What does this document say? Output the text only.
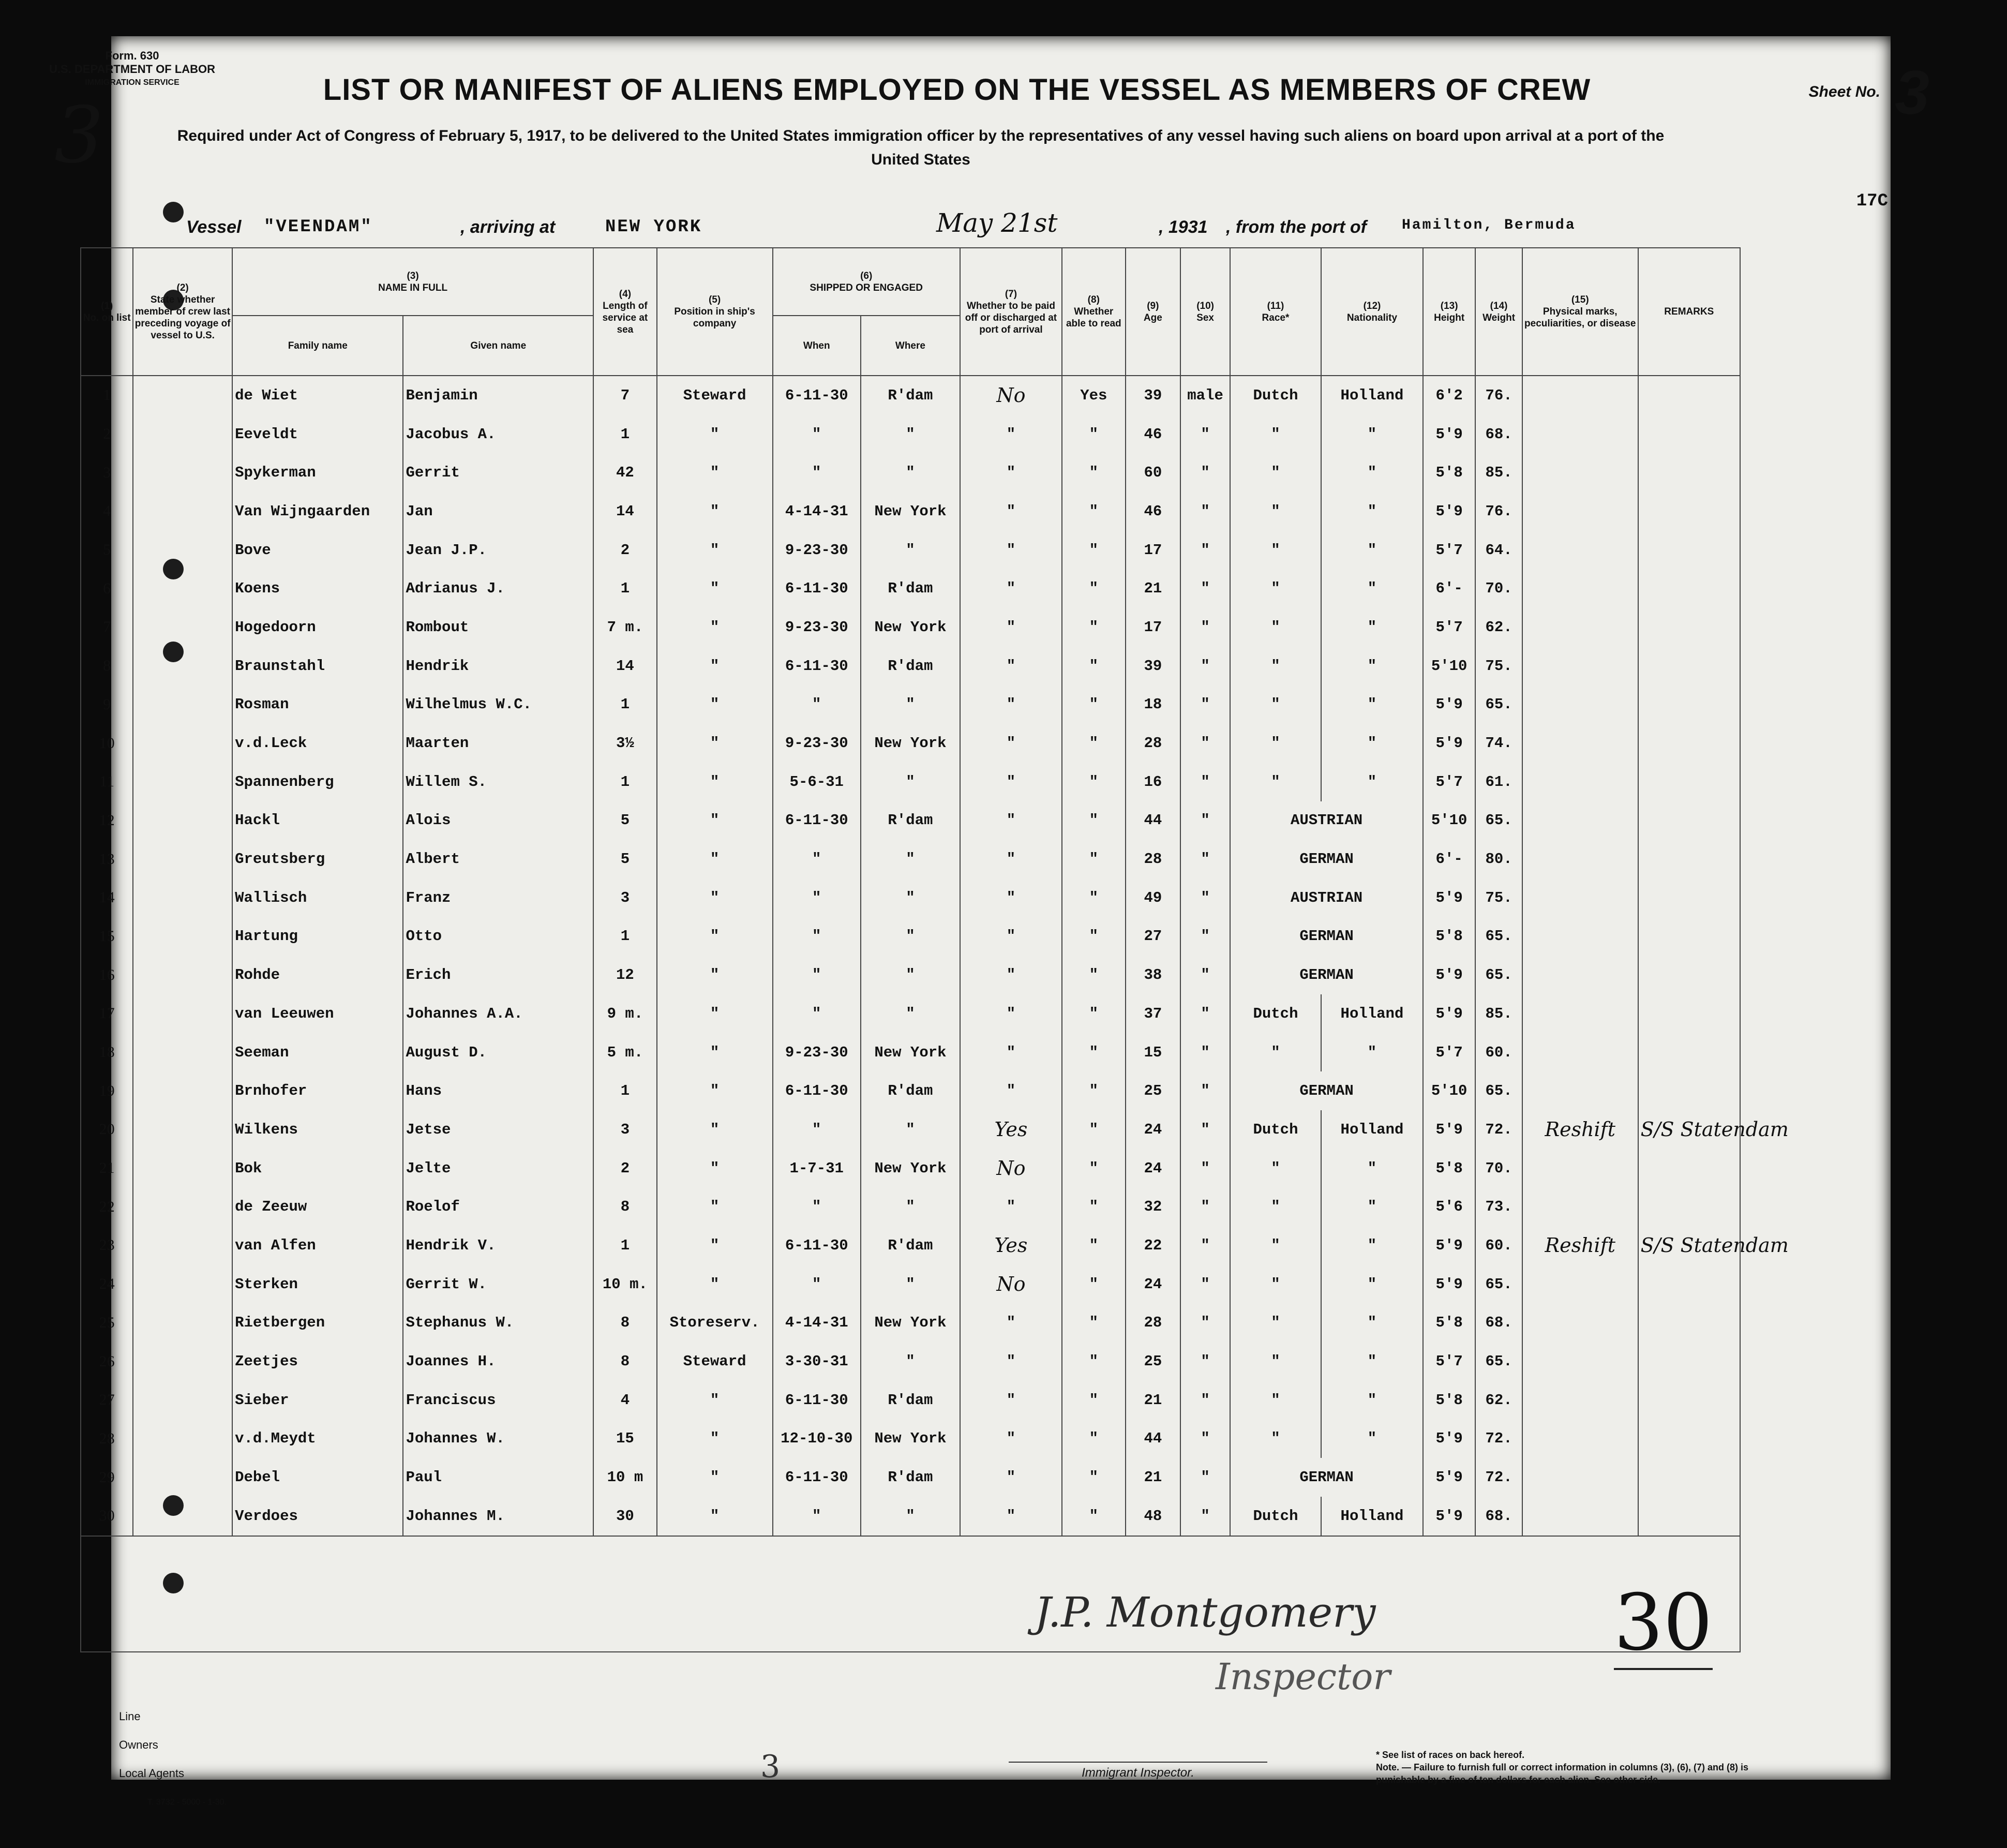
Form. 630
U.S. DEPARTMENT OF LABOR
IMMIGRATION SERVICE
3
LIST OR MANIFEST OF ALIENS EMPLOYED ON THE VESSEL AS MEMBERS OF CREW
Required under Act of Congress of February 5, 1917, to be delivered to the United States immigration officer by the representatives of any vessel having such aliens on board upon arrival at a port of the United States
Sheet No. 3
17C
Vessel "VEENDAM"	, arriving at	NEW YORK	May 21st	, 1931 , from the port of Hamilton, Bermuda
(1)
No. on list	(2)
State whether member of crew last preceding voyage of vessel to U.S.	(3)
NAME IN FULL		(4)
Length of service at sea	(5)
Position in ship's company	(6)
SHIPPED OR ENGAGED		(7)
Whether to be paid off or discharged at port of arrival	(8)
Whether able to read	(9)
Age	(10)
Sex	(11)
Race*	(12)
Nationality	(13)
Height	(14)
Weight	(15)
Physical marks, peculiarities, or disease	REMARKS
		Family name	Given name			When	Where										
1		de Wiet	Benjamin	7	Steward	6-11-30	R'dam	No	Yes	39	male	Dutch	Holland	6'2	76.		
2		Eeveldt	Jacobus A.	1	"	"	"	"	"	46	"	"	"	5'9	68.		
3		Spykerman	Gerrit	42	"	"	"	"	"	60	"	"	"	5'8	85.		
4		Van Wijngaarden	Jan	14	"	4-14-31	New York	"	"	46	"	"	"	5'9	76.		
5		Bove	Jean J.P.	2	"	9-23-30	"	"	"	17	"	"	"	5'7	64.		
6		Koens	Adrianus J.	1	"	6-11-30	R'dam	"	"	21	"	"	"	6'-	70.		
7		Hogedoorn	Rombout	7 m.	"	9-23-30	New York	"	"	17	"	"	"	5'7	62.		
8		Braunstahl	Hendrik	14	"	6-11-30	R'dam	"	"	39	"	"	"	5'10	75.		
9		Rosman	Wilhelmus W.C.	1	"	"	"	"	"	18	"	"	"	5'9	65.		
10		v.d.Leck	Maarten	3½	"	9-23-30	New York	"	"	28	"	"	"	5'9	74.		
11		Spannenberg	Willem S.	1	"	5-6-31	"	"	"	16	"	"	"	5'7	61.		
12		Hackl	Alois	5	"	6-11-30	R'dam	"	"	44	"	AUSTRIAN		5'10	65.		
13		Greutsberg	Albert	5	"	"	"	"	"	28	"	GERMAN		6'-	80.		
14		Wallisch	Franz	3	"	"	"	"	"	49	"	AUSTRIAN		5'9	75.		
15		Hartung	Otto	1	"	"	"	"	"	27	"	GERMAN		5'8	65.		
16		Rohde	Erich	12	"	"	"	"	"	38	"	GERMAN		5'9	65.		
17		van Leeuwen	Johannes A.A.	9 m.	"	"	"	"	"	37	"	Dutch	Holland	5'9	85.		
18		Seeman	August D.	5 m.	"	9-23-30	New York	"	"	15	"	"	"	5'7	60.		
19		Brnhofer	Hans	1	"	6-11-30	R'dam	"	"	25	"	GERMAN		5'10	65.		
20		Wilkens	Jetse	3	"	"	"	Yes	"	24	"	Dutch	Holland	5'9	72.	Reshift	S/S Statendam
21		Bok	Jelte	2	"	1-7-31	New York	No	"	24	"	"	"	5'8	70.		
22		de Zeeuw	Roelof	8	"	"	"	"	"	32	"	"	"	5'6	73.		
23		van Alfen	Hendrik V.	1	"	6-11-30	R'dam	Yes	"	22	"	"	"	5'9	60.	Reshift	S/S Statendam
24		Sterken	Gerrit W.	10 m.	"	"	"	No	"	24	"	"	"	5'9	65.		
25		Rietbergen	Stephanus W.	8	Storeserv.	4-14-31	New York	"	"	28	"	"	"	5'8	68.		
26		Zeetjes	Joannes H.	8	Steward	3-30-31	"	"	"	25	"	"	"	5'7	65.		
27		Sieber	Franciscus	4	"	6-11-30	R'dam	"	"	21	"	"	"	5'8	62.		
28		v.d.Meydt	Johannes W.	15	"	12-10-30	New York	"	"	44	"	"	"	5'9	72.		
29		Debel	Paul	10 m	"	6-11-30	R'dam	"	"	21	"	GERMAN		5'9	72.		
30		Verdoes	Johannes M.	30	"	"	"	"	"	48	"	Dutch	Holland	5'9	68.		

Line
Owners
Local Agents
J.P. Montgomery
Inspector
Immigrant Inspector.
3
30
* See list of races on back hereof.
Note. — Failure to furnish full or correct information in columns (3), (6), (7) and (8) is punishable by a fine of ten dollars for each alien. See other side.
T. 3732 - 5000 - 1-30.
